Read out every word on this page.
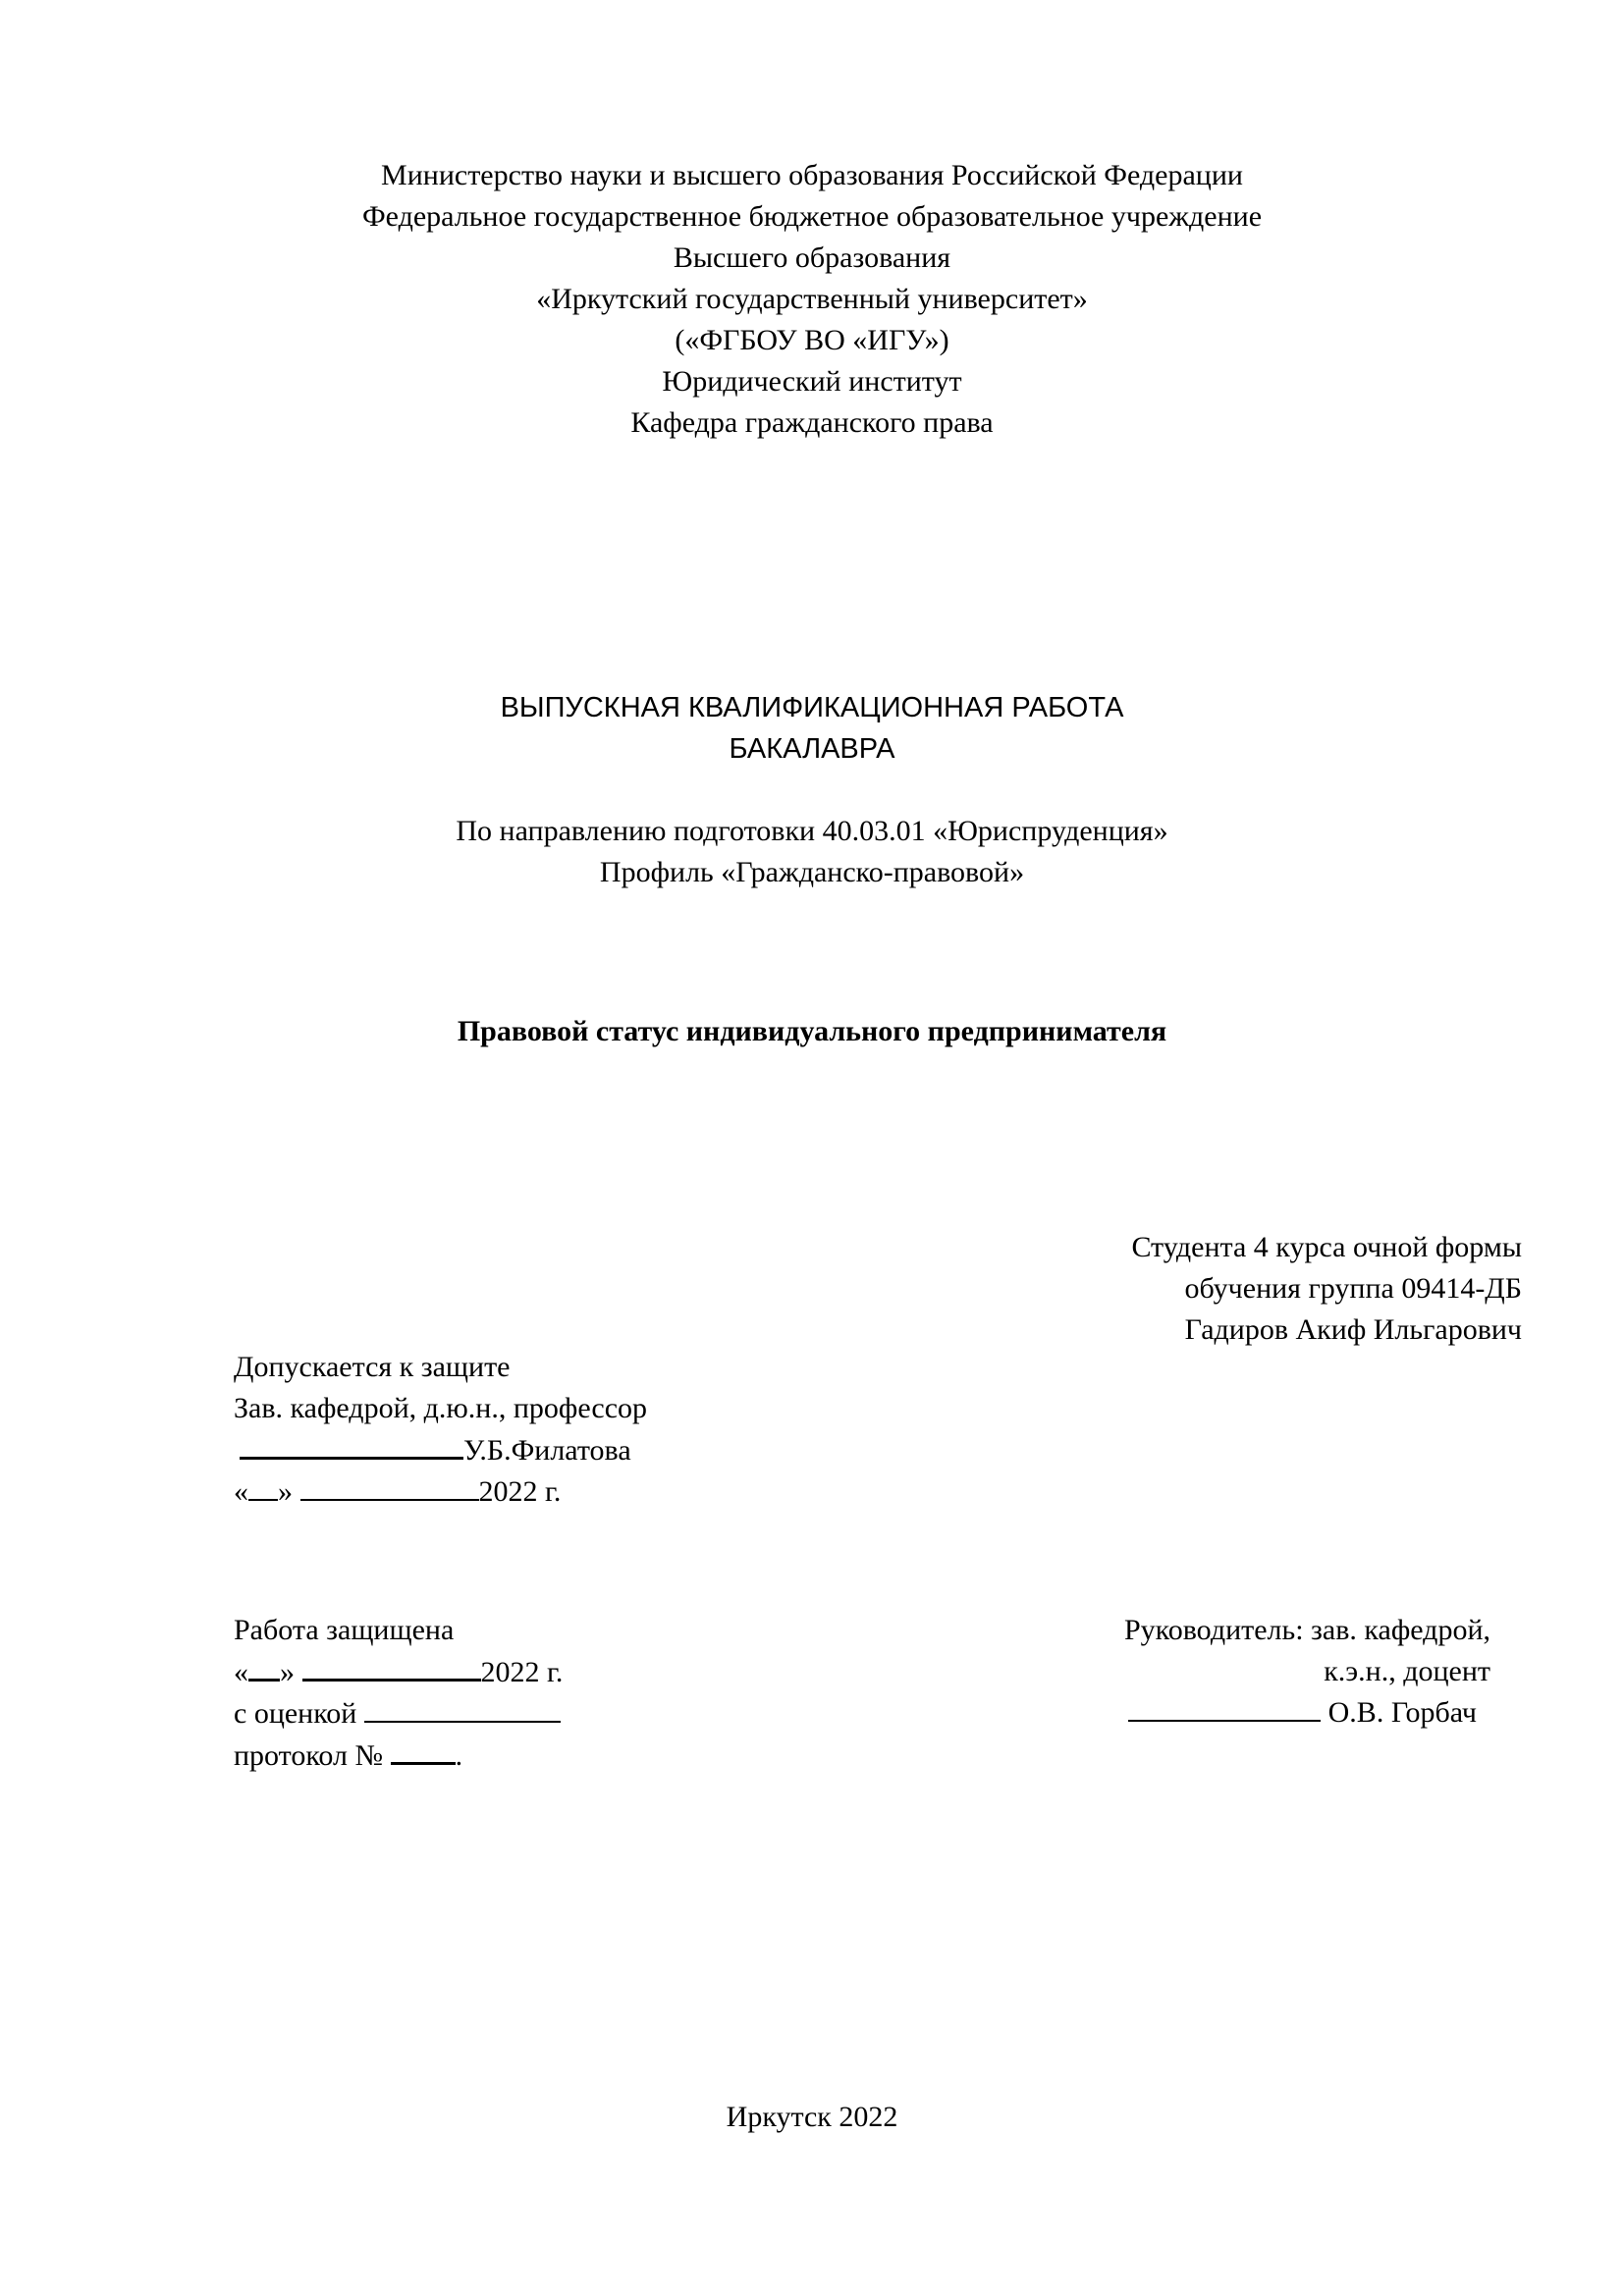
Министерство науки и высшего образования Российской Федерации
Федеральное государственное бюджетное образовательное учреждение
Высшего образования
«Иркутский государственный университет»
(«ФГБОУ ВО «ИГУ»)
Юридический институт
Кафедра гражданского права
ВЫПУСКНАЯ КВАЛИФИКАЦИОННАЯ РАБОТА
БАКАЛАВРА
По направлению подготовки 40.03.01 «Юриспруденция»
Профиль «Гражданско-правовой»
Правовой статус индивидуального предпринимателя
Студента 4 курса очной формы
обучения группа 09414-ДБ
Гадиров Акиф Ильгарович
Допускается к защите
Зав. кафедрой, д.ю.н., профессор
У.Б.Филатова
« »	2022 г.
Работа защищена
« »	2022 г.
с оценкой
протокол № .
Руководитель: зав. кафедрой,
к.э.н., доцент
О.В. Горбач
Иркутск 2022
